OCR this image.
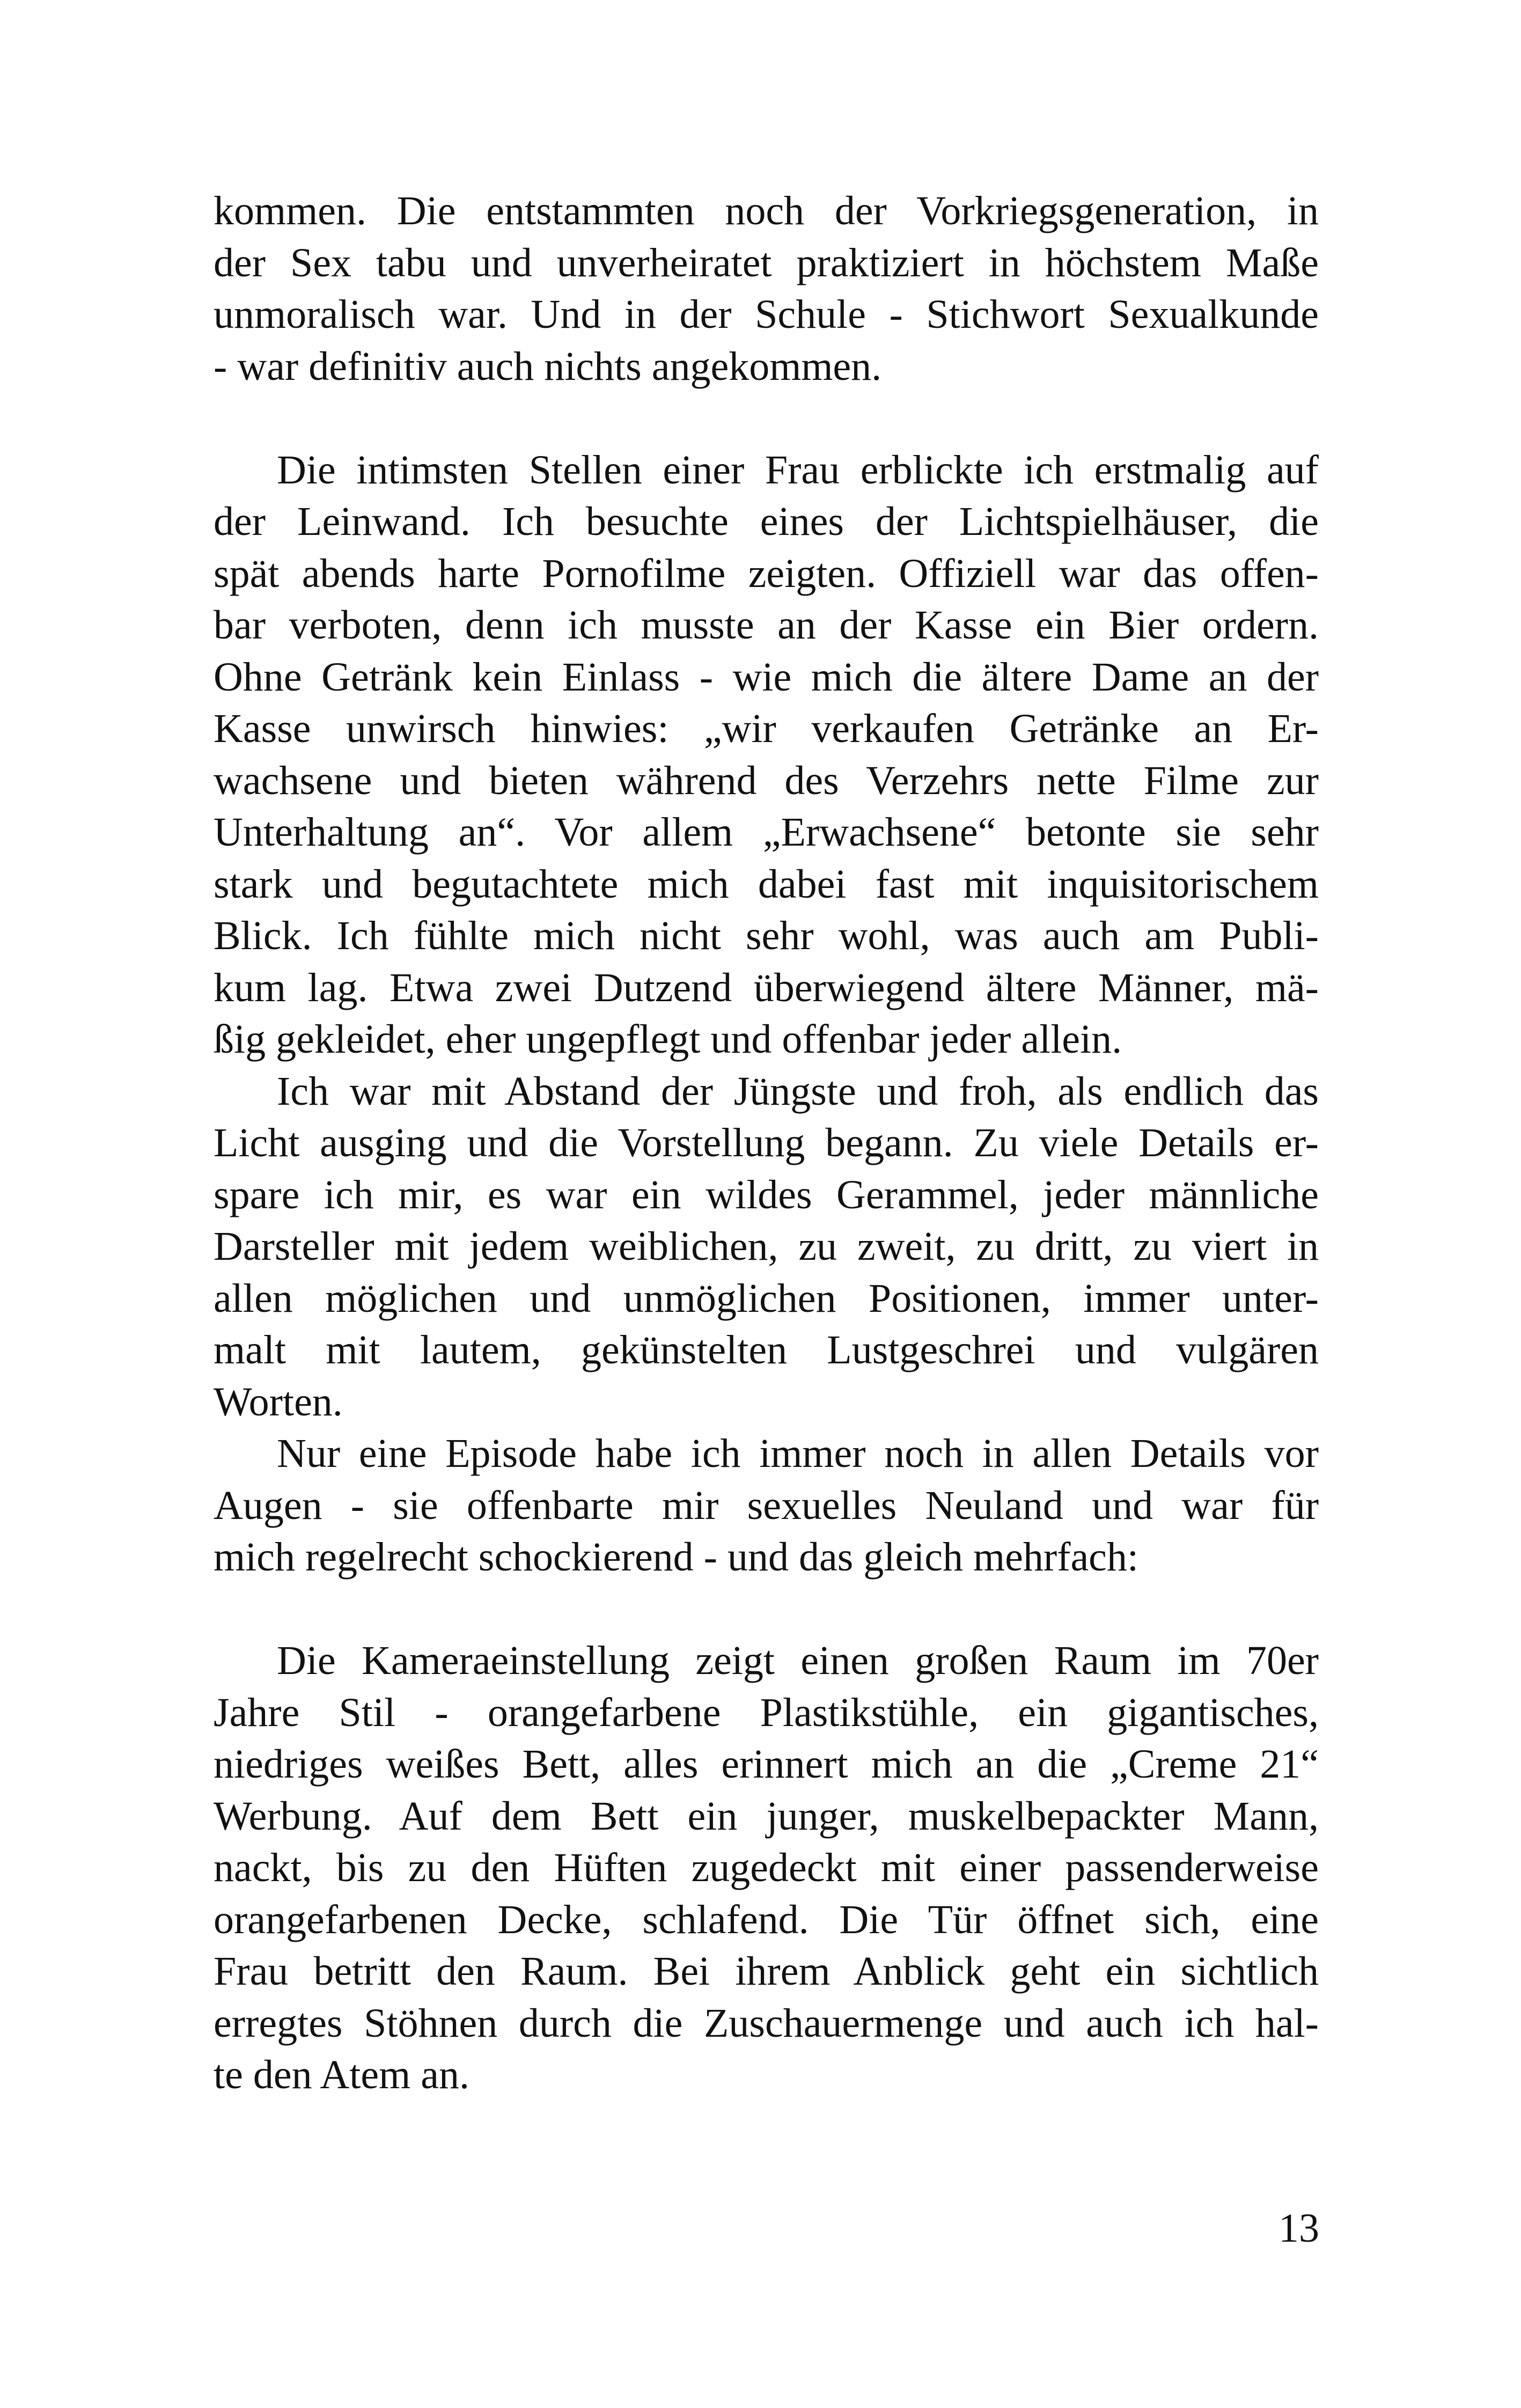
kommen. Die entstammten noch der Vorkriegsgeneration, in
der Sex tabu und unverheiratet praktiziert in höchstem Maße
unmoralisch war. Und in der Schule - Stichwort Sexualkunde
- war definitiv auch nichts angekommen.
Die intimsten Stellen einer Frau erblickte ich erstmalig auf
der Leinwand. Ich besuchte eines der Lichtspielhäuser, die
spät abends harte Pornofilme zeigten. Offiziell war das offen-
bar verboten, denn ich musste an der Kasse ein Bier ordern.
Ohne Getränk kein Einlass - wie mich die ältere Dame an der
Kasse unwirsch hinwies: „wir verkaufen Getränke an Er-
wachsene und bieten während des Verzehrs nette Filme zur
Unterhaltung an“. Vor allem „Erwachsene“ betonte sie sehr
stark und begutachtete mich dabei fast mit inquisitorischem
Blick. Ich fühlte mich nicht sehr wohl, was auch am Publi-
kum lag. Etwa zwei Dutzend überwiegend ältere Männer, mä-
ßig gekleidet, eher ungepflegt und offenbar jeder allein.
Ich war mit Abstand der Jüngste und froh, als endlich das
Licht ausging und die Vorstellung begann. Zu viele Details er-
spare ich mir, es war ein wildes Gerammel, jeder männliche
Darsteller mit jedem weiblichen, zu zweit, zu dritt, zu viert in
allen möglichen und unmöglichen Positionen, immer unter-
malt mit lautem, gekünstelten Lustgeschrei und vulgären
Worten.
Nur eine Episode habe ich immer noch in allen Details vor
Augen - sie offenbarte mir sexuelles Neuland und war für
mich regelrecht schockierend - und das gleich mehrfach:
Die Kameraeinstellung zeigt einen großen Raum im 70er
Jahre Stil - orangefarbene Plastikstühle, ein gigantisches,
niedriges weißes Bett, alles erinnert mich an die „Creme 21“
Werbung. Auf dem Bett ein junger, muskelbepackter Mann,
nackt, bis zu den Hüften zugedeckt mit einer passenderweise
orangefarbenen Decke, schlafend. Die Tür öffnet sich, eine
Frau betritt den Raum. Bei ihrem Anblick geht ein sichtlich
erregtes Stöhnen durch die Zuschauermenge und auch ich hal-
te den Atem an.
13
